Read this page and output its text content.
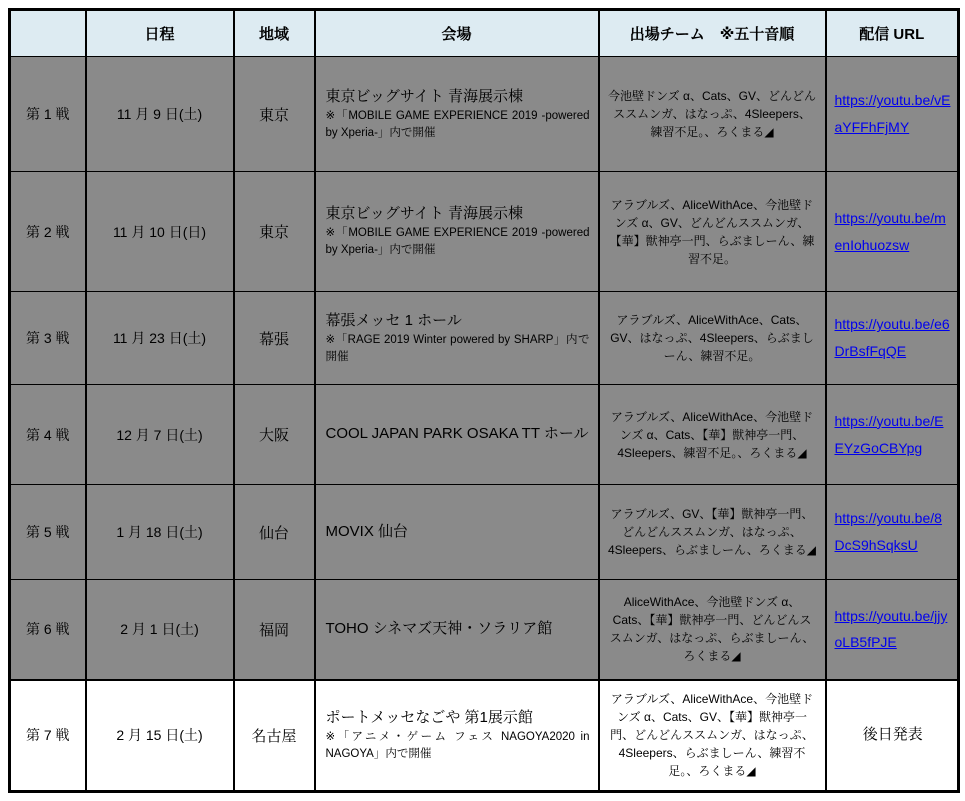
	日程	地域	会場	出場チーム　※五十音順	配信 URL
第 1 戦	11 月 9 日(土)	東京	東京ビッグサイト 青海展示棟
※「MOBILE GAME EXPERIENCE 2019 -powered by Xperia-」内で開催	今池壁ドンズ α、Cats、GV、どんどんススムンガ、はなっぷ、4Sleepers、練習不足。、ろくまる◢	https://youtu.be/vEaYFFhFjMY
第 2 戦	11 月 10 日(日)	東京	東京ビッグサイト 青海展示棟
※「MOBILE GAME EXPERIENCE 2019 -powered by Xperia-」内で開催	アラブルズ、AliceWithAce、今池壁ドンズ α、GV、どんどんススムンガ、【華】獣神亭一門、らぶましーん、練習不足。	https://youtu.be/menIohuozsw
第 3 戦	11 月 23 日(土)	幕張	幕張メッセ 1 ホール
※「RAGE 2019 Winter powered by SHARP」内で開催	アラブルズ、AliceWithAce、Cats、GV、はなっぷ、4Sleepers、らぶましーん、練習不足。	https://youtu.be/e6DrBsfFqQE
第 4 戦	12 月 7 日(土)	大阪	COOL JAPAN PARK OSAKA TT ホール	アラブルズ、AliceWithAce、今池壁ドンズ α、Cats、【華】獣神亭一門、4Sleepers、練習不足。、ろくまる◢	https://youtu.be/EEYzGoCBYpg
第 5 戦	1 月 18 日(土)	仙台	MOVIX 仙台	アラブルズ、GV、【華】獣神亭一門、どんどんススムンガ、はなっぷ、4Sleepers、らぶましーん、ろくまる◢	https://youtu.be/8DcS9hSqksU
第 6 戦	2 月 1 日(土)	福岡	TOHO シネマズ天神・ソラリア館	AliceWithAce、今池壁ドンズ α、Cats、【華】獣神亭一門、どんどんススムンガ、はなっぷ、らぶましーん、ろくまる◢	https://youtu.be/jjyoLB5fPJE
第 7 戦	2 月 15 日(土)	名古屋	ポートメッセなごや 第1展示館
※「アニメ・ゲーム フェス NAGOYA2020 in NAGOYA」内で開催	アラブルズ、AliceWithAce、今池壁ドンズ α、Cats、GV、【華】獣神亭一門、どんどんススムンガ、はなっぷ、4Sleepers、らぶましーん、練習不足。、ろくまる◢	後日発表
